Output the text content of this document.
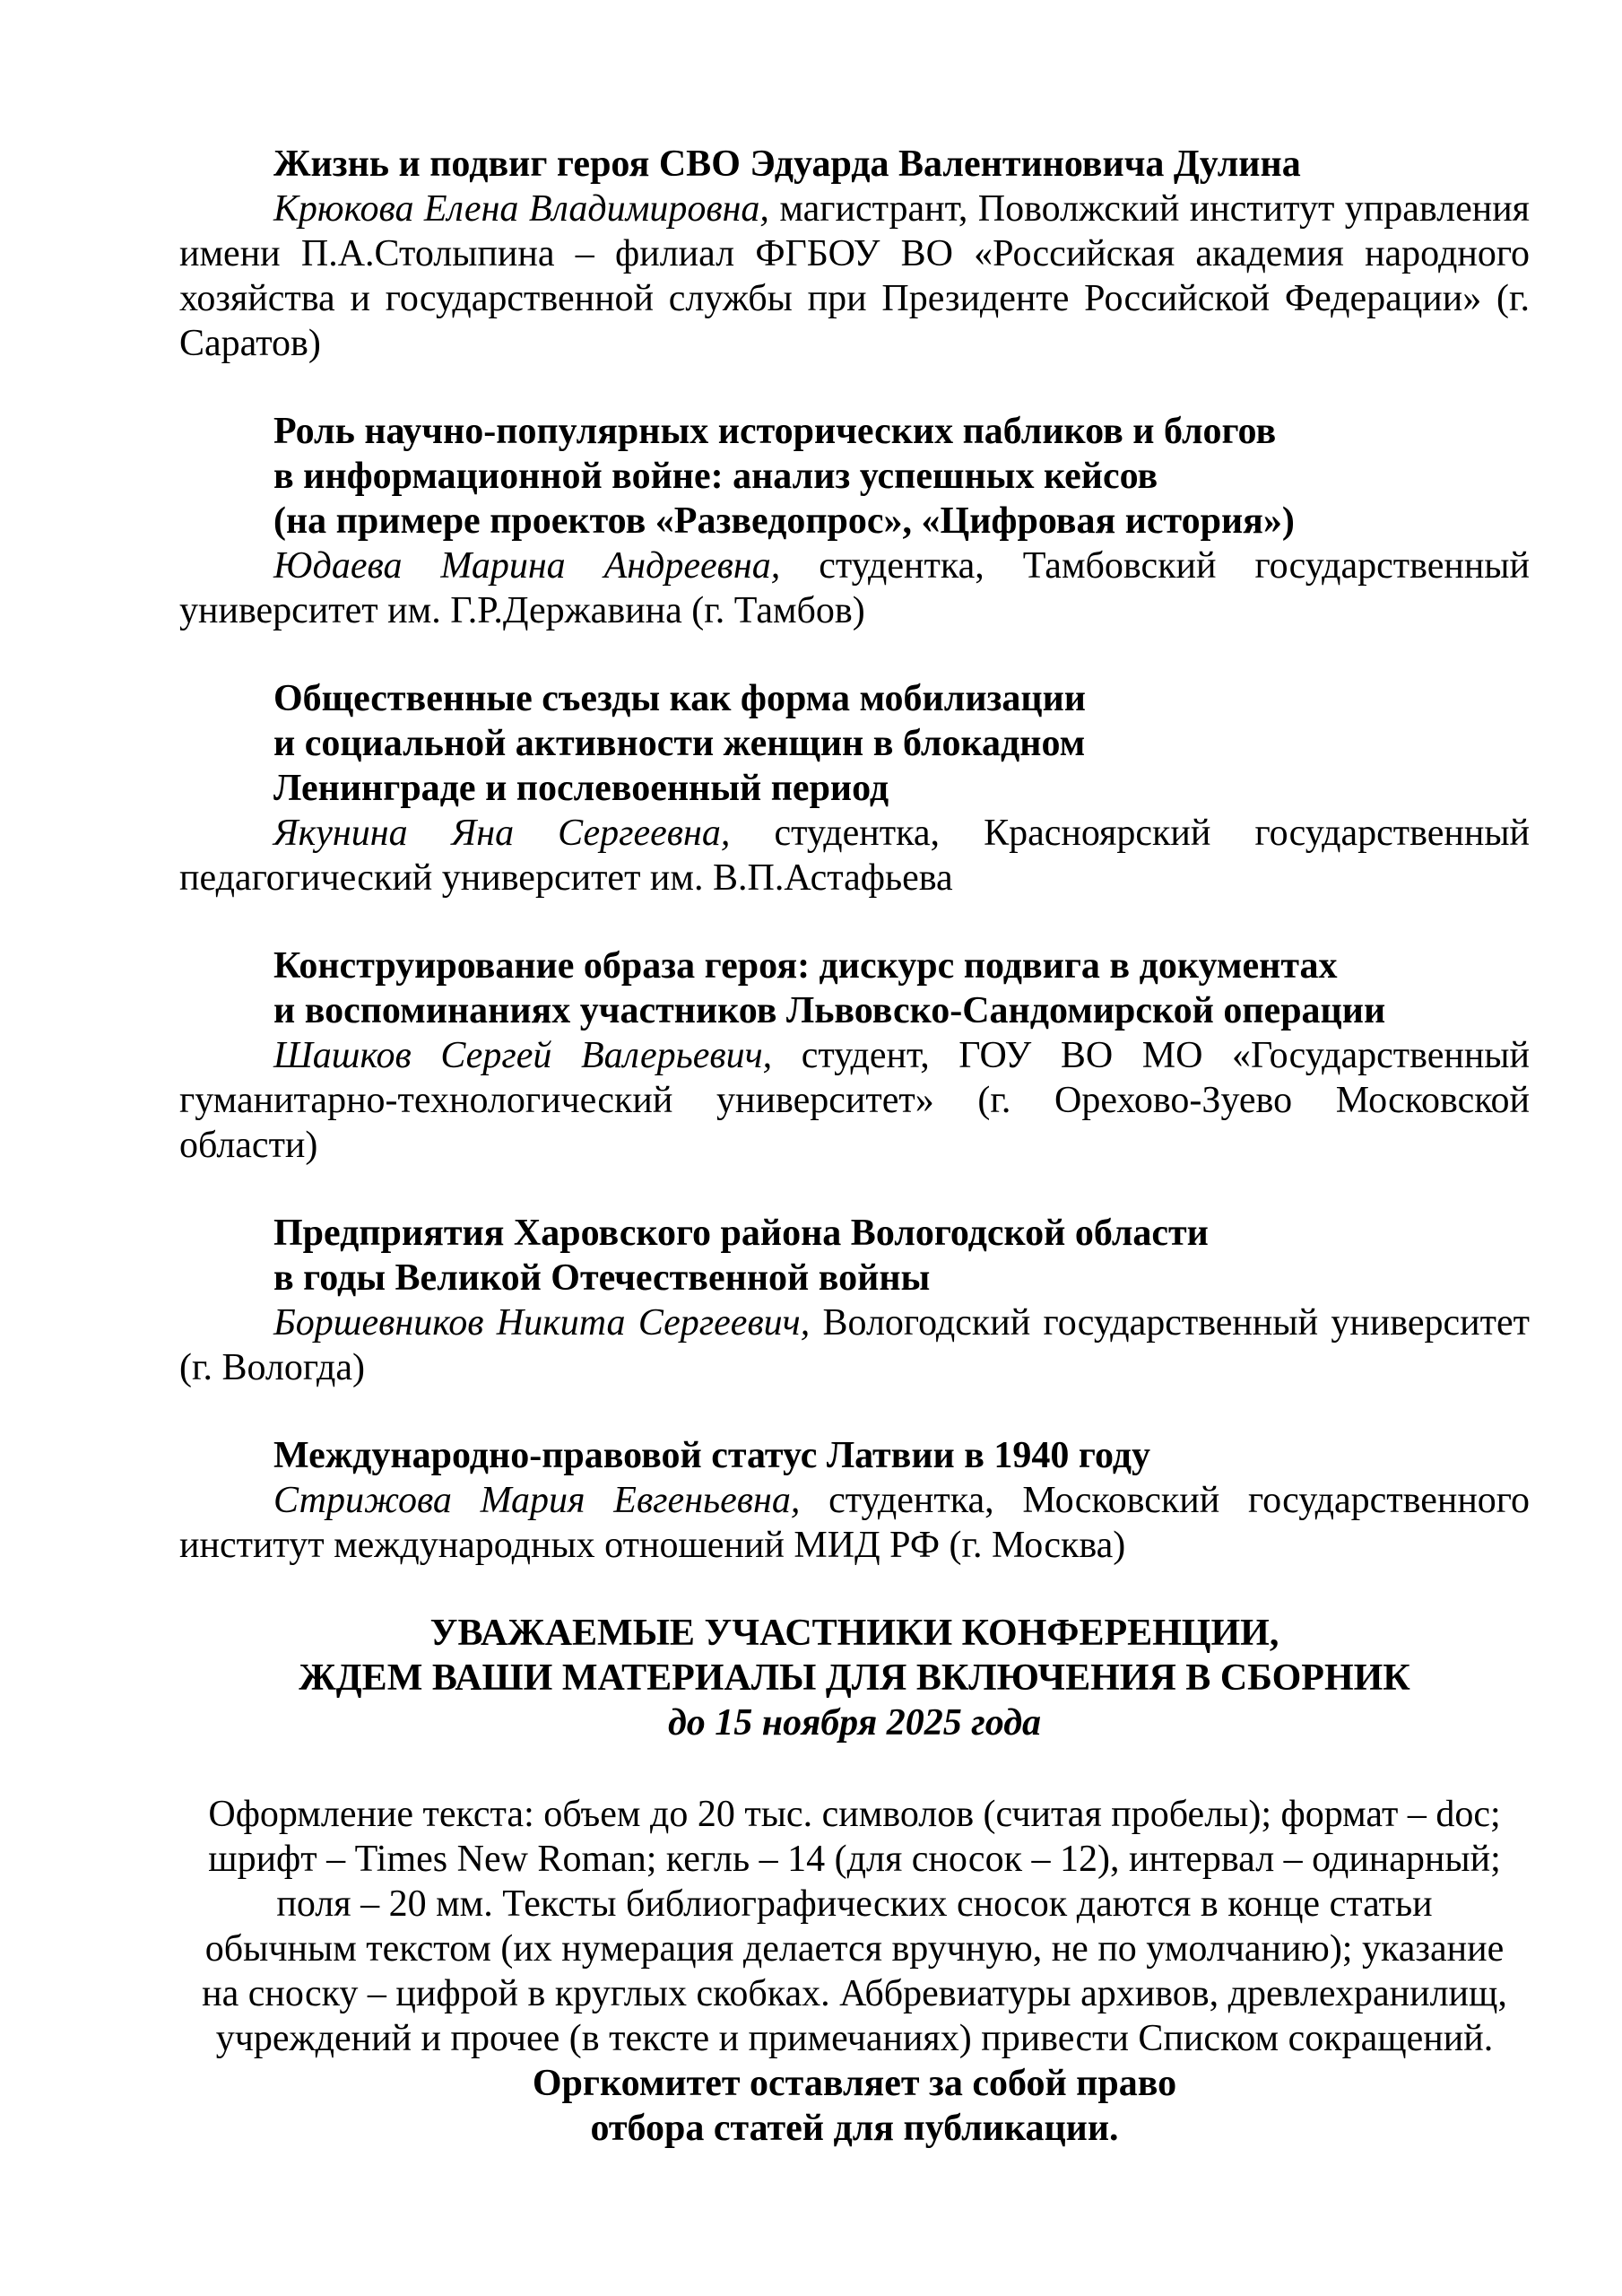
Жизнь и подвиг героя СВО Эдуарда Валентиновича Дулина

Крюкова Елена Владимировна, магистрант, Поволжский институт управления имени П.А.Столыпина – филиал ФГБОУ ВО «Российская академия народного хозяйства и государственной службы при Президенте Российской Федерации» (г. Саратов)

Роль научно-популярных исторических пабликов и блогов
в информационной войне: анализ успешных кейсов
(на примере проектов «Разведопрос», «Цифровая история»)

Юдаева Марина Андреевна, студентка, Тамбовский государственный университет им. Г.Р.Державина (г. Тамбов)

Общественные съезды как форма мобилизации
и социальной активности женщин в блокадном
Ленинграде и послевоенный период

Якунина Яна Сергеевна, студентка, Красноярский государственный педагогический университет им. В.П.Астафьева

Конструирование образа героя: дискурс подвига в документах
и воспоминаниях участников Львовско-Сандомирской операции

Шашков Сергей Валерьевич, студент, ГОУ ВО МО «Государственный гуманитарно-технологический университет» (г. Орехово-Зуево Московской области)

Предприятия Харовского района Вологодской области
в годы Великой Отечественной войны

Боршевников Никита Сергеевич, Вологодский государственный университет (г. Вологда)

Международно-правовой статус Латвии в 1940 году

Стрижова Мария Евгеньевна, студентка, Московский государственного институт международных отношений МИД РФ (г. Москва)

УВАЖАЕМЫЕ УЧАСТНИКИ КОНФЕРЕНЦИИ,
ЖДЕМ ВАШИ МАТЕРИАЛЫ ДЛЯ ВКЛЮЧЕНИЯ В СБОРНИК
до 15 ноября 2025 года
Оформление текста: объем до 20 тыс. символов (считая пробелы); формат – doc;
шрифт – Times New Roman; кегль – 14 (для сносок – 12), интервал – одинарный;
поля – 20 мм. Тексты библиографических сносок даются в конце статьи
обычным текстом (их нумерация делается вручную, не по умолчанию); указание
на сноску – цифрой в круглых скобках. Аббревиатуры архивов, древлехранилищ,
учреждений и прочее (в тексте и примечаниях) привести Списком сокращений.
Оргкомитет оставляет за собой право
отбора статей для публикации.
